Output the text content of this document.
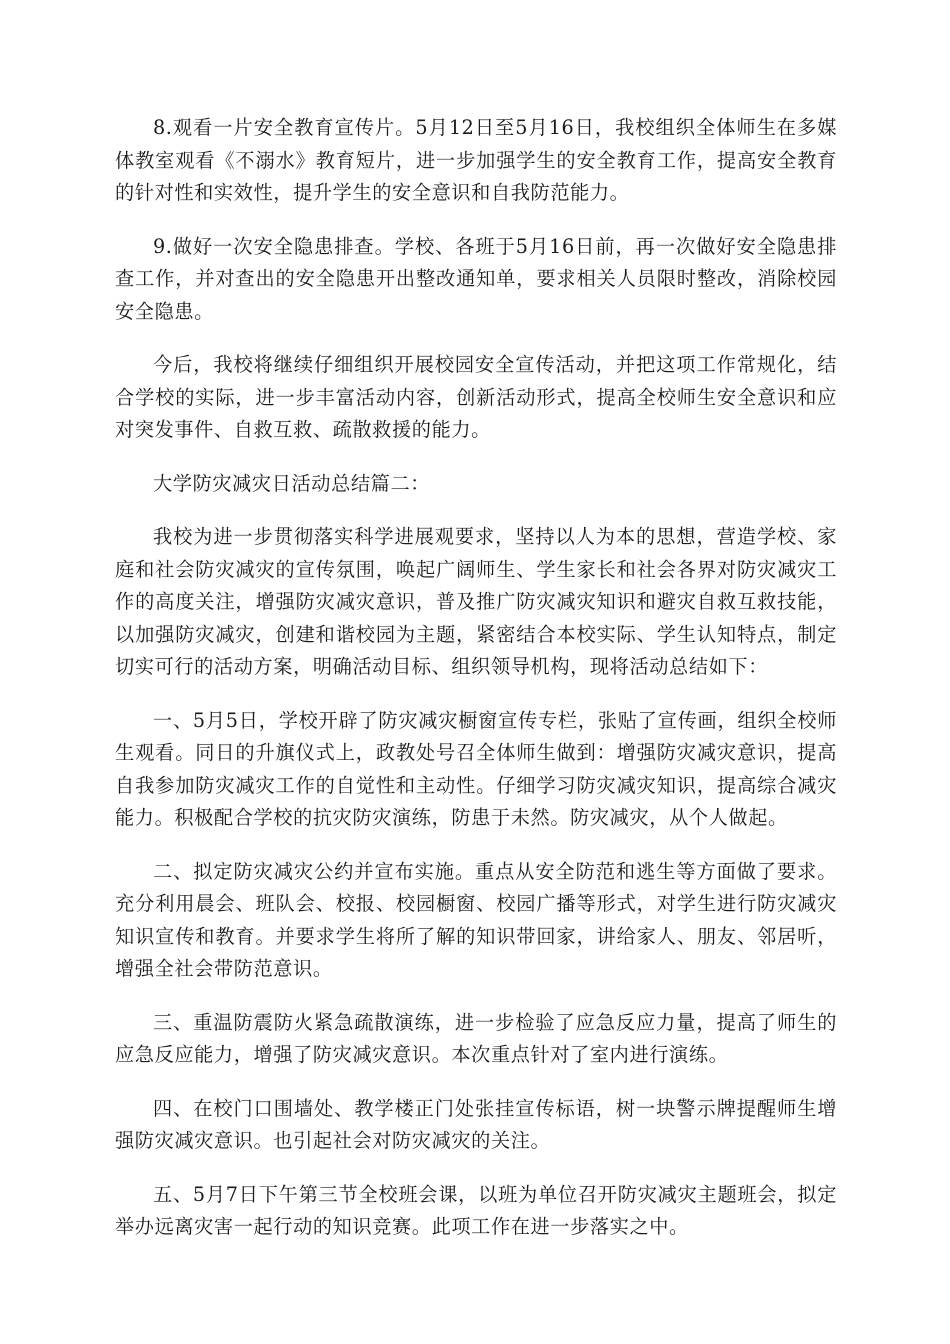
8.观看一片安全教育宣传片。5月12日至5月16日，我校组织全体师生在多媒体教室观看《不溺水》教育短片，进一步加强学生的安全教育工作，提高安全教育的针对性和实效性，提升学生的安全意识和自我防范能力。

9.做好一次安全隐患排查。学校、各班于5月16日前，再一次做好安全隐患排查工作，并对查出的安全隐患开出整改通知单，要求相关人员限时整改，消除校园安全隐患。

今后，我校将继续仔细组织开展校园安全宣传活动，并把这项工作常规化，结合学校的实际，进一步丰富活动内容，创新活动形式，提高全校师生安全意识和应对突发事件、自救互救、疏散救援的能力。

大学防灾减灾日活动总结篇二：

我校为进一步贯彻落实科学进展观要求，坚持以人为本的思想，营造学校、家庭和社会防灾减灾的宣传氛围，唤起广阔师生、学生家长和社会各界对防灾减灾工作的高度关注，增强防灾减灾意识，普及推广防灾减灾知识和避灾自救互救技能，以加强防灾减灾，创建和谐校园为主题，紧密结合本校实际、学生认知特点，制定切实可行的活动方案，明确活动目标、组织领导机构，现将活动总结如下：

一、5月5日，学校开辟了防灾减灾橱窗宣传专栏，张贴了宣传画，组织全校师生观看。同日的升旗仪式上，政教处号召全体师生做到：增强防灾减灾意识，提高自我参加防灾减灾工作的自觉性和主动性。仔细学习防灾减灾知识，提高综合减灾能力。积极配合学校的抗灾防灾演练，防患于未然。防灾减灾，从个人做起。

二、拟定防灾减灾公约并宣布实施。重点从安全防范和逃生等方面做了要求。充分利用晨会、班队会、校报、校园橱窗、校园广播等形式，对学生进行防灾减灾知识宣传和教育。并要求学生将所了解的知识带回家，讲给家人、朋友、邻居听，增强全社会带防范意识。

三、重温防震防火紧急疏散演练，进一步检验了应急反应力量，提高了师生的应急反应能力，增强了防灾减灾意识。本次重点针对了室内进行演练。

四、在校门口围墙处、教学楼正门处张挂宣传标语，树一块警示牌提醒师生增强防灾减灾意识。也引起社会对防灾减灾的关注。

五、5月7日下午第三节全校班会课，以班为单位召开防灾减灾主题班会，拟定举办远离灾害一起行动的知识竞赛。此项工作在进一步落实之中。
